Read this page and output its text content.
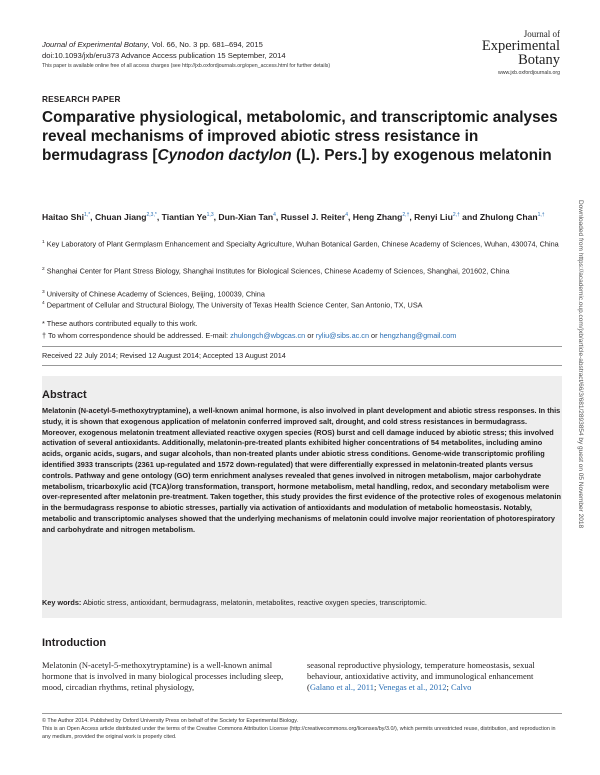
Journal of Experimental Botany, Vol. 66, No. 3 pp. 681–694, 2015
doi:10.1093/jxb/eru373 Advance Access publication 15 September, 2014
This paper is available online free of all access charges (see http://jxb.oxfordjournals.org/open_access.html for further details)
Journal of
Experimental
Botany
www.jxb.oxfordjournals.org
RESEARCH PAPER
Comparative physiological, metabolomic, and transcriptomic analyses reveal mechanisms of improved abiotic stress resistance in bermudagrass [Cynodon dactylon (L). Pers.] by exogenous melatonin
Haitao Shi$^{1,*}$, Chuan Jiang$^{2,3,*}$, Tiantian Ye$^{1,3}$, Dun-Xian Tan$^4$, Russel J. Reiter$^4$, Heng Zhang$^{2,\dagger}$, Renyi Liu$^{2,\dagger}$ and Zhulong Chan$^{1,\dagger}$
$^1$ Key Laboratory of Plant Germplasm Enhancement and Specialty Agriculture, Wuhan Botanical Garden, Chinese Academy of Sciences, Wuhan, 430074, China
$^2$ Shanghai Center for Plant Stress Biology, Shanghai Institutes for Biological Sciences, Chinese Academy of Sciences, Shanghai, 201602, China
$^3$ University of Chinese Academy of Sciences, Beijing, 100039, China
$^4$ Department of Cellular and Structural Biology, The University of Texas Health Science Center, San Antonio, TX, USA
* These authors contributed equally to this work.
† To whom correspondence should be addressed. E-mail: zhulongch@wbgcas.cn or ryliu@sibs.ac.cn or hengzhang@gmail.com
Received 22 July 2014; Revised 12 August 2014; Accepted 13 August 2014
Abstract
Melatonin (N-acetyl-5-methoxytryptamine), a well-known animal hormone, is also involved in plant development and abiotic stress responses. In this study, it is shown that exogenous application of melatonin conferred improved salt, drought, and cold stress resistances in bermudagrass. Moreover, exogenous melatonin treatment alleviated reactive oxygen species (ROS) burst and cell damage induced by abiotic stress; this involved activation of several antioxidants. Additionally, melatonin-pre-treated plants exhibited higher concentrations of 54 metabolites, including amino acids, organic acids, sugars, and sugar alcohols, than non-treated plants under abiotic stress conditions. Genome-wide transcriptomic profiling identified 3933 transcripts (2361 up-regulated and 1572 down-regulated) that were differentially expressed in melatonin-treated plants versus controls. Pathway and gene ontology (GO) term enrichment analyses revealed that genes involved in nitrogen metabolism, major carbohydrate metabolism, tricarboxylic acid (TCA)/org transformation, transport, hormone metabolism, metal handling, redox, and secondary metabolism were over-represented after melatonin pre-treatment. Taken together, this study provides the first evidence of the protective roles of exogenous melatonin in the bermudagrass response to abiotic stresses, partially via activation of antioxidants and modulation of metabolic homeostasis. Notably, metabolic and transcriptomic analyses showed that the underlying mechanisms of melatonin could involve major reorientation of photorespiratory and carbohydrate and nitrogen metabolism.
Key words: Abiotic stress, antioxidant, bermudagrass, melatonin, metabolites, reactive oxygen species, transcriptomic.
Introduction
Melatonin (N-acetyl-5-methoxytryptamine) is a well-known animal hormone that is involved in many biological processes including sleep, mood, circadian rhythms, retinal physiology,
seasonal reproductive physiology, temperature homeostasis, sexual behaviour, antioxidative activity, and immunological enhancement (Galano et al., 2011; Venegas et al., 2012; Calvo
© The Author 2014. Published by Oxford University Press on behalf of the Society for Experimental Biology.
This is an Open Access article distributed under the terms of the Creative Commons Attribution License (http://creativecommons.org/licenses/by/3.0/), which permits unrestricted reuse, distribution, and reproduction in any medium, provided the original work is properly cited.
Downloaded from https://academic.oup.com/jxb/article-abstract/66/3/681/2893854 by guest on 05 November 2018
